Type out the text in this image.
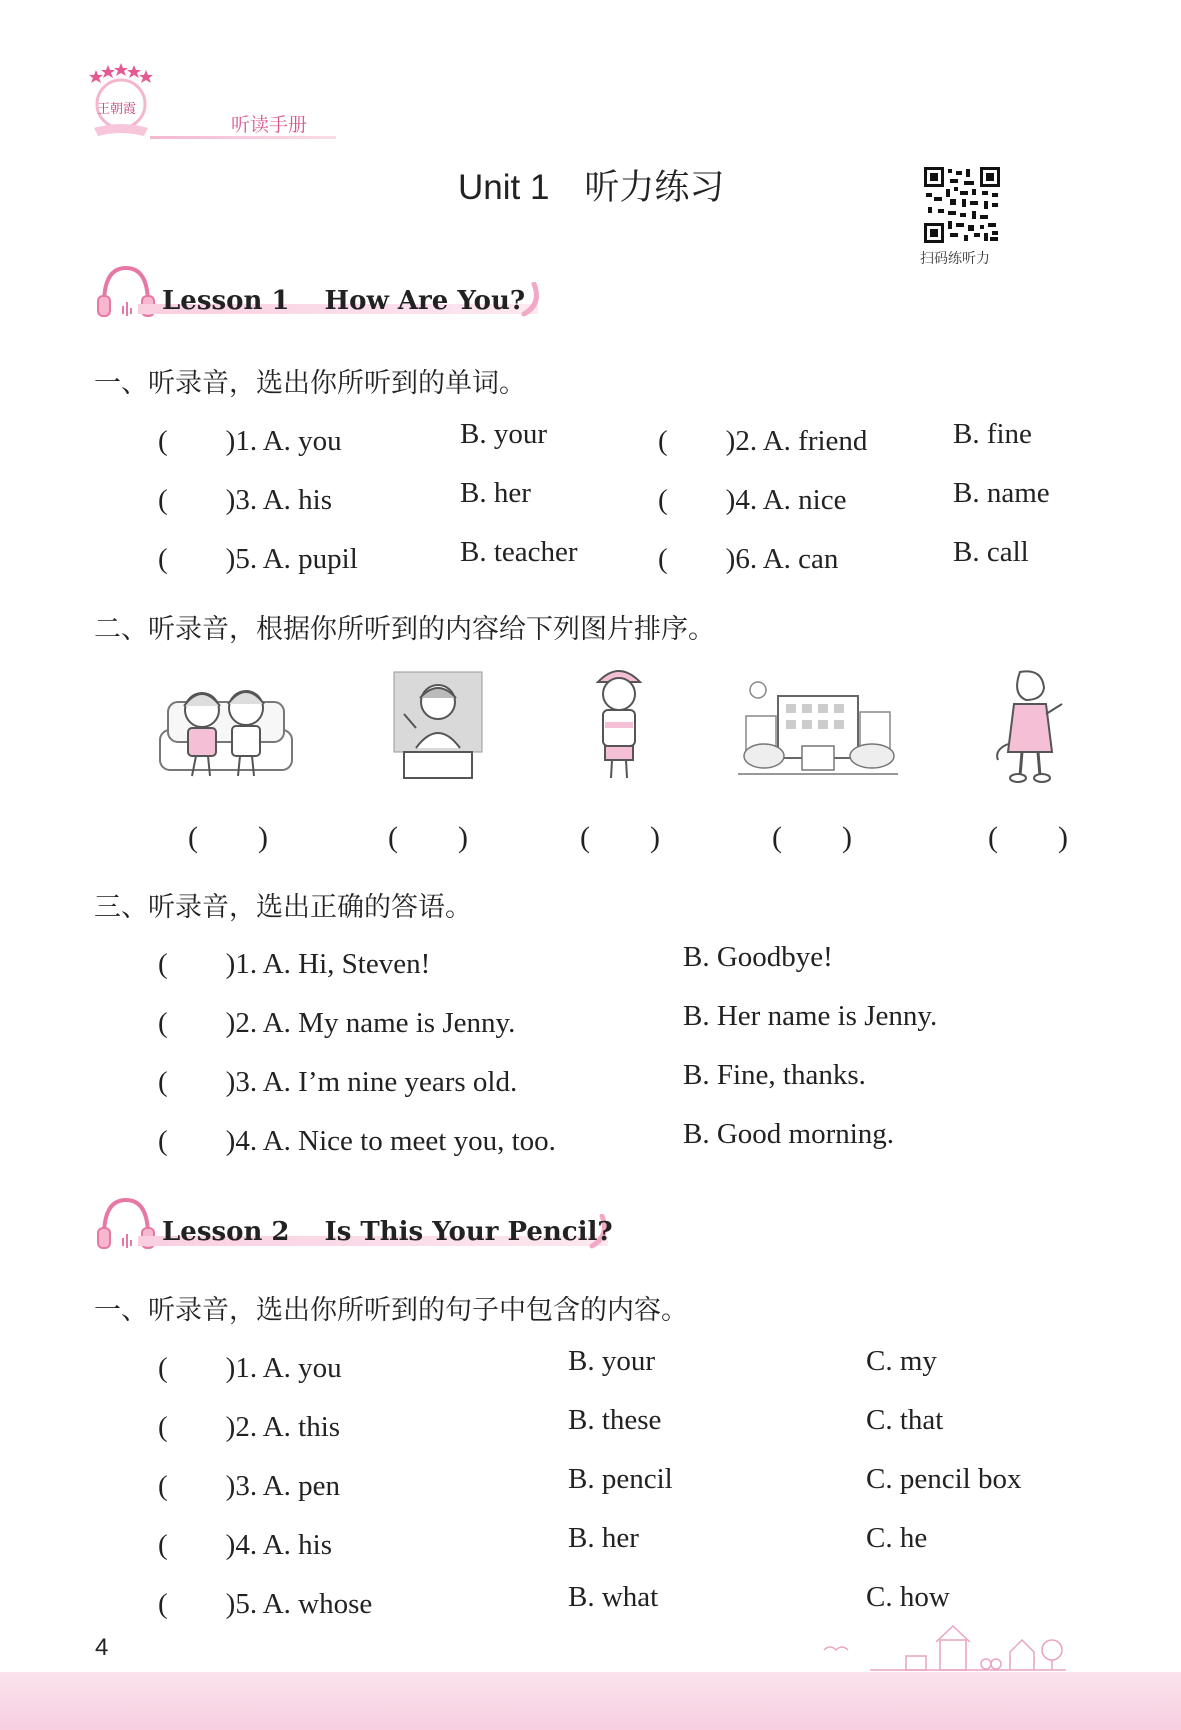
王朝霞
听读手册
Unit 1　听力练习
扫码练听力
Lesson 1　 How Are You?
一、听录音，选出你所听到的单词。
(　　)1. A. you	B. your	(　　)2. A. friend	B. fine
(　　)3. A. his	B. her	(　　)4. A. nice	B. name
(　　)5. A. pupil	B. teacher	(　　)6. A. can	B. call
二、听录音，根据你所听到的内容给下列图片排序。
(　　)	(　　)	(　　)	(　　)	(　　)
三、听录音，选出正确的答语。
(　　)1. A. Hi, Steven!	B. Goodbye!
(　　)2. A. My name is Jenny.	B. Her name is Jenny.
(　　)3. A. I’m nine years old.	B. Fine, thanks.
(　　)4. A. Nice to meet you, too.	B. Good morning.
Lesson 2　 Is This Your Pencil?
一、听录音，选出你所听到的句子中包含的内容。
(　　)1. A. you	B. your	C. my
(　　)2. A. this	B. these	C. that
(　　)3. A. pen	B. pencil	C. pencil box
(　　)4. A. his	B. her	C. he
(　　)5. A. whose	B. what	C. how
4
